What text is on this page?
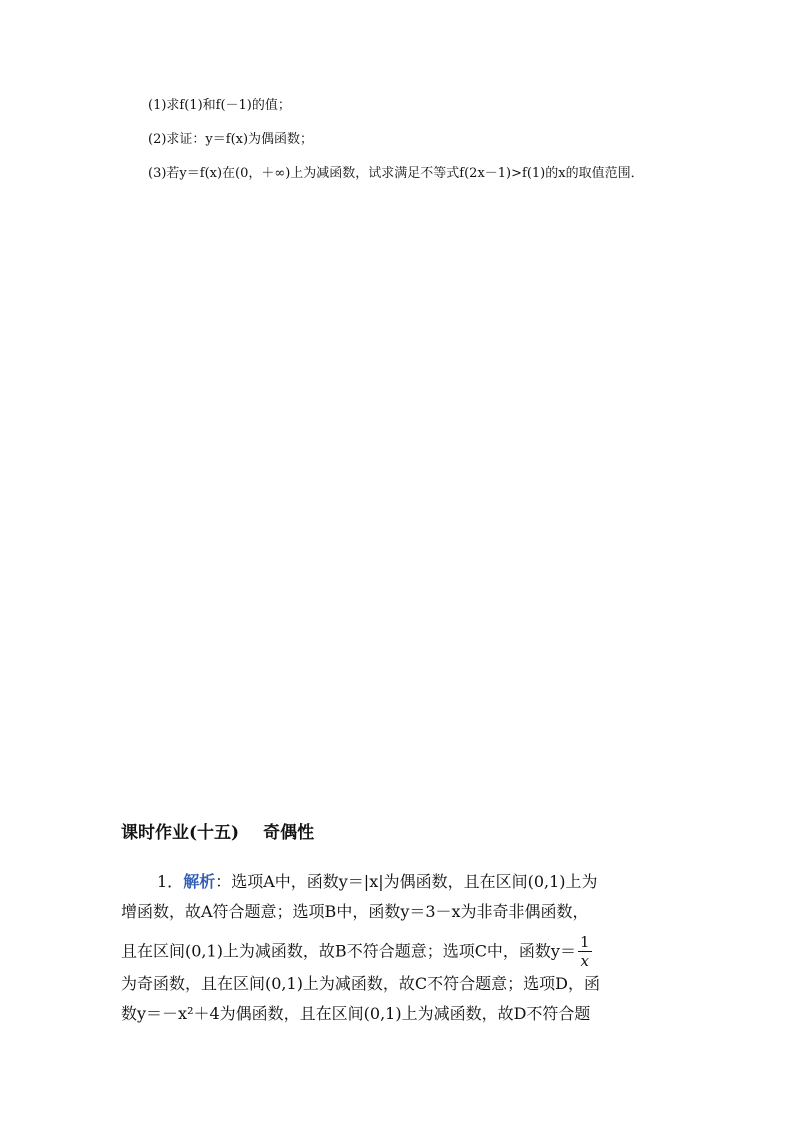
(1)求f(1)和f(－1)的值；
(2)求证：y＝f(x)为偶函数；
(3)若y＝f(x)在(0，＋∞)上为减函数，试求满足不等式f(2x－1)>f(1)的x的取值范围．
课时作业(十五) 奇偶性
1．解析：选项A中，函数y＝|x|为偶函数，且在区间(0,1)上为
增函数，故A符合题意；选项B中，函数y＝3－x为非奇非偶函数，
且在区间(0,1)上为减函数，故B不符合题意；选项C中，函数$y= \frac{1}{x}$
为奇函数，且在区间(0,1)上为减函数，故C不符合题意；选项D，函
数y＝－x²＋4为偶函数，且在区间(0,1)上为减函数，故D不符合题
